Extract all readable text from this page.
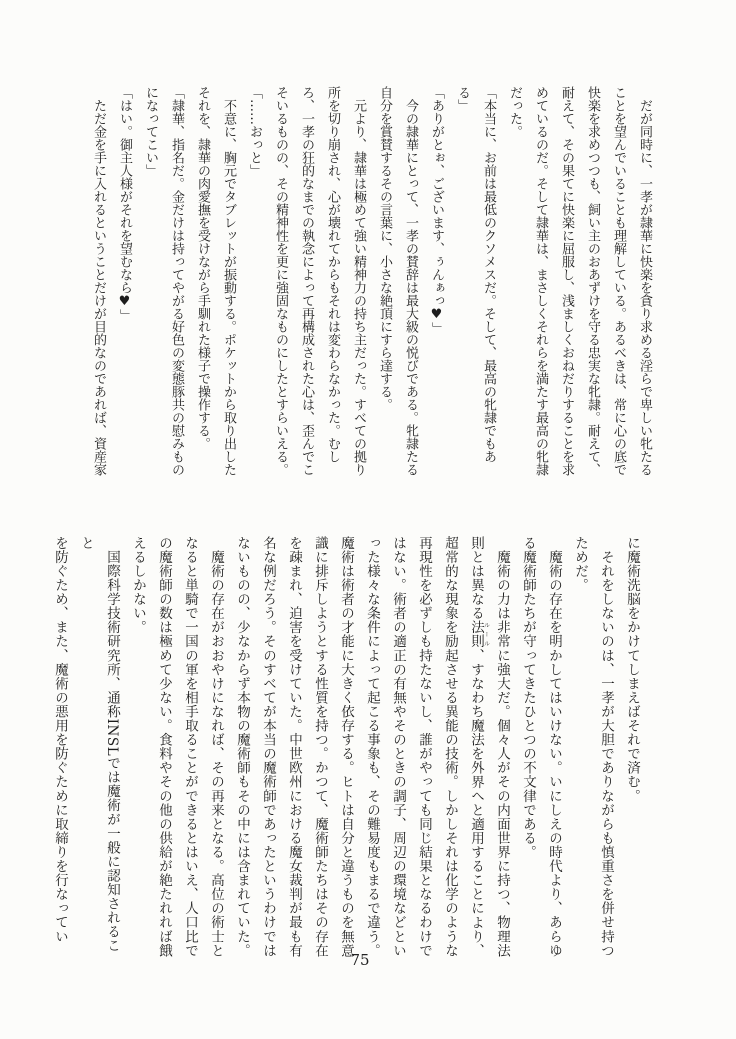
　だが同時に、一孝が隷華に快楽を貪り求める淫らで卑しい牝たる
ことを望んでいることも理解している。あるべきは、常に心の底で
快楽を求めつつも、飼い主のおあずけを守る忠実な牝隷。耐えて、
耐えて、その果てに快楽に屈服し、浅ましくおねだりすることを求
めているのだ。そして隷華は、まさしくそれらを満たす最高の牝隷
だった。
「本当に、お前は最低のクソメスだ。そして、最高の牝隷でもあ
る」
「ありがとぉ、ございます、ぅんぁっ♥」
　今の隷華にとって、一孝の賛辞は最大級の悦びである。牝隷たる
自分を賞賛するその言葉に、小さな絶頂にすら達する。
　元より、隷華は極めて強い精神力の持ち主だった。すべての拠り
所を切り崩され、心が壊れてからもそれは変わらなかった。むし
ろ、一孝の狂的なまでの執念によって再構成された心は、歪んでこ
そいるものの、その精神性を更に強固なものにしたとすらいえる。
「……おっと」
　不意に、胸元でタブレットが振動する。ポケットから取り出した
それを、隷華の肉愛撫を受けながら手馴れた様子で操作する。
「隷華、指名だ。金だけは持ってやがる好色の変態豚共の慰みもの
になってこい」
「はい。御主人様がそれを望むなら♥」
　ただ金を手に入れるということだけが目的なのであれば、資産家
に魔術洗脳をかけてしまえばそれで済む。
　それをしないのは、一孝が大胆でありながらも慎重さを併せ持つ
ためだ。
　魔術の存在を明かしてはいけない。いにしえの時代より、あらゆ
る魔術師たちが守ってきたひとつの不文律である。
　魔術の力は非常に強大だ。個々人がその内面世界に持つ、物理法
則とは異なる法則ルール、すなわち魔法を外界へと適用することにより、
超常的な現象を励起させる異能の技術。しかしそれは化学のような
再現性を必ずしも持たないし、誰がやっても同じ結果となるわけで
はない。術者の適正の有無やそのときの調子、周辺の環境などとい
った様々な条件によって起こる事象も、その難易度もまるで違う。
魔術は術者の才能に大きく依存する。ヒトは自分と違うものを無意
識に排斥しようとする性質を持つ。かつて、魔術師たちはその存在
を疎まれ、迫害を受けていた。中世欧州における魔女裁判が最も有
名な例だろう。そのすべてが本当の魔術師であったというわけでは
ないものの、少なからず本物の魔術師もその中には含まれていた。
　魔術の存在がおおやけになれば、その再来となる。高位の術士と
なると単騎で一国の軍を相手取ることができるとはいえ、人口比で
の魔術師の数は極めて少ない。食料やその他の供給が絶たれれば餓
えるしかない。
　国際科学技術研究所、通称INSLでは魔術が一般に認知されること
を防ぐため、また、魔術の悪用を防ぐために取締りを行なってい
75
